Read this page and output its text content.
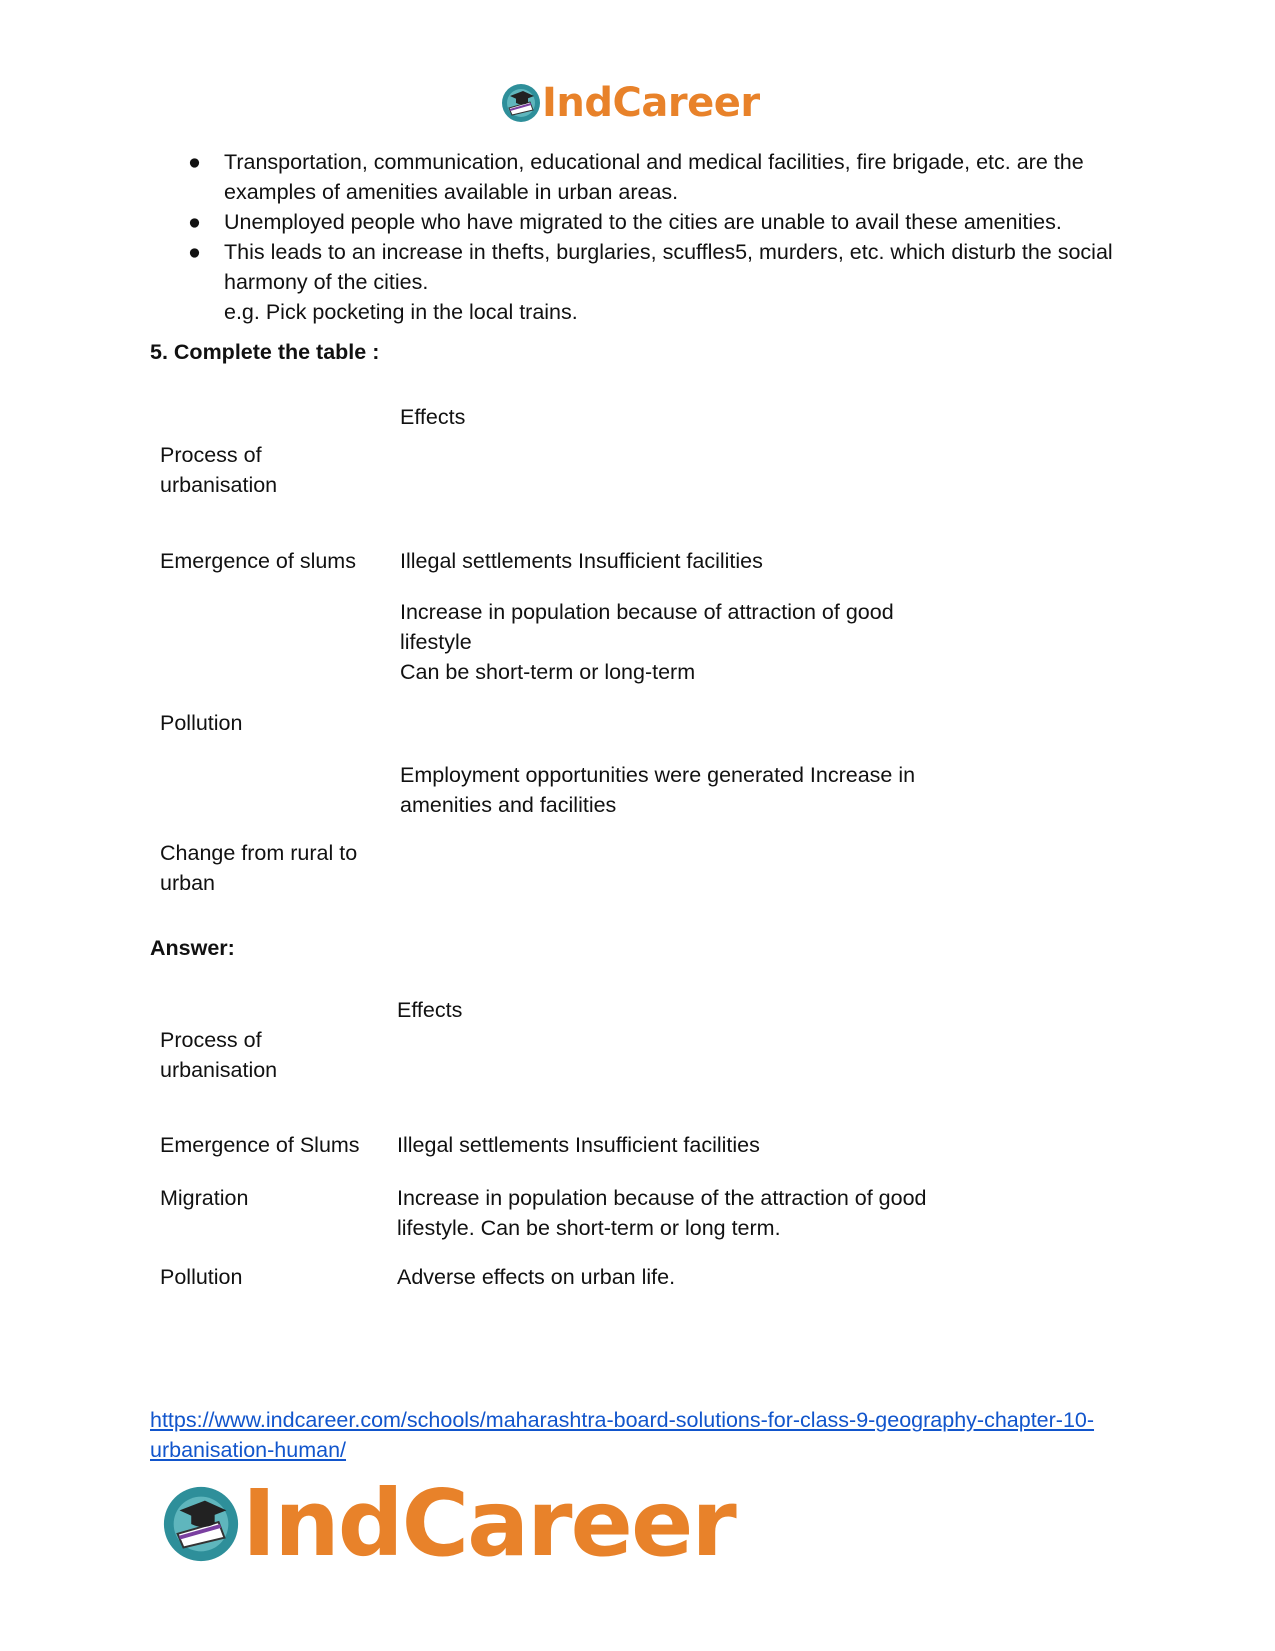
IndCareer
● Transportation, communication, educational and medical facilities, fire brigade, etc. are the examples of amenities available in urban areas.
● Unemployed people who have migrated to the cities are unable to avail these amenities.
● This leads to an increase in thefts, burglaries, scuffles5, murders, etc. which disturb the social harmony of the cities.
e.g. Pick pocketing in the local trains.

5. Complete the table :

Effects
Process of urbanisation
Emergence of slums Illegal settlements Insufficient facilities
Increase in population because of attraction of good lifestyle
Can be short-term or long-term
Pollution
Employment opportunities were generated Increase in amenities and facilities
Change from rural to urban

Answer:

Effects
Process of urbanisation
Emergence of Slums Illegal settlements Insufficient facilities
Migration	Increase in population because of the attraction of good lifestyle. Can be short-term or long term.
Pollution	Adverse effects on urban life.
https://www.indcareer.com/schools/maharashtra-board-solutions-for-class-9-geography-chapter-10-urbanisation-human/
IndCareer
